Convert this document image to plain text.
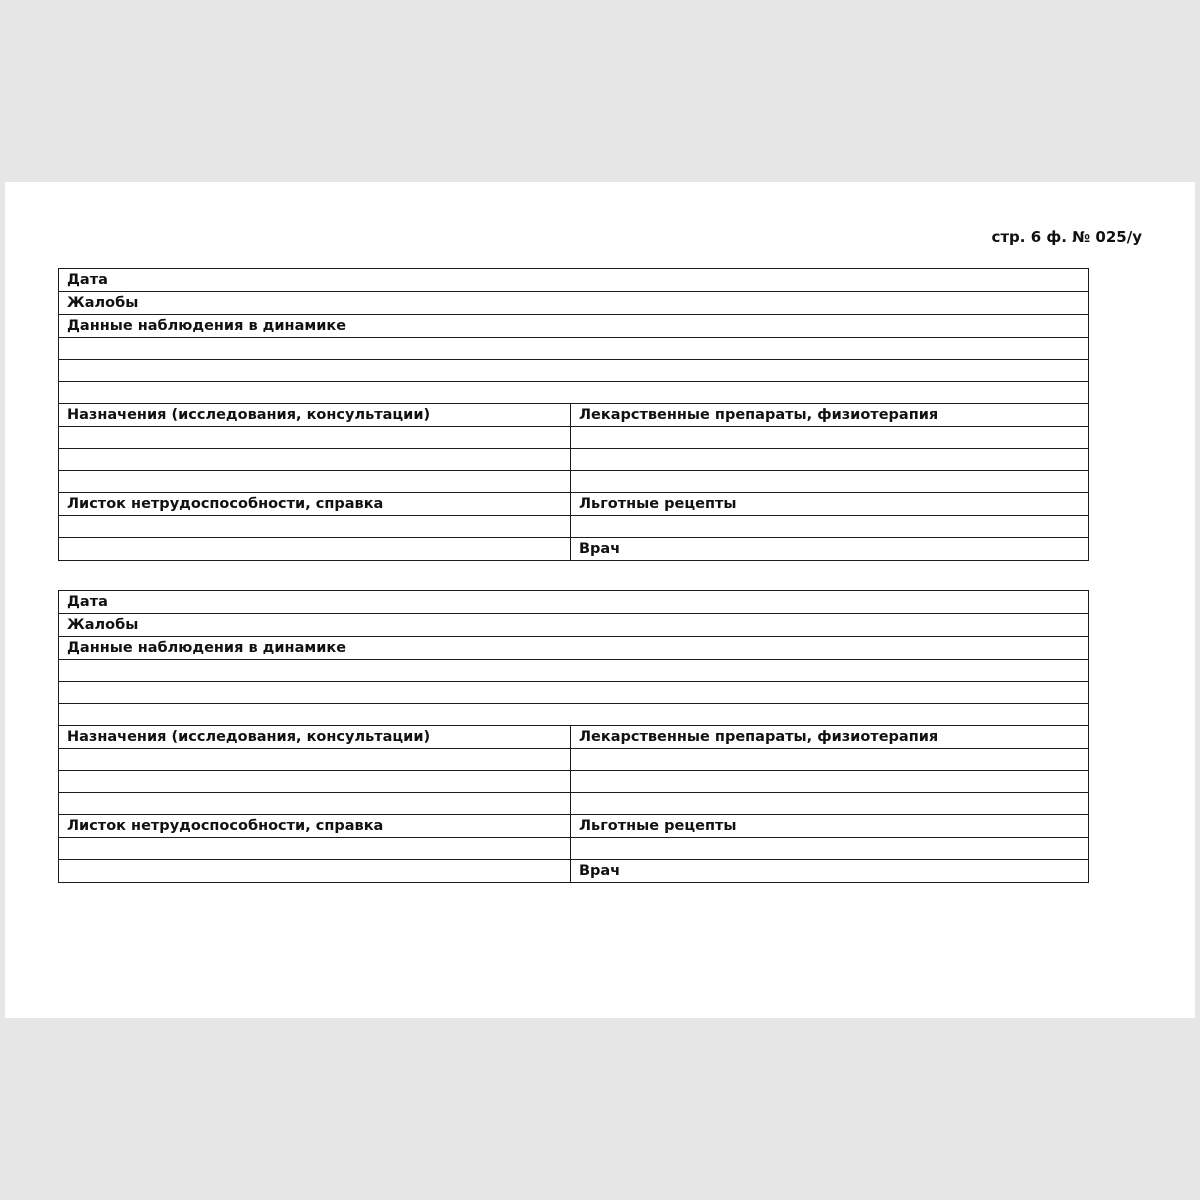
стр. 6 ф. № 025/у
Дата	
Жалобы	
Данные наблюдения в динамике	

Назначения (исследования, консультации)	Лекарственные препараты, физиотерапия

Листок нетрудоспособности, справка	Льготные рецепты

	Врач
Дата	
Жалобы	
Данные наблюдения в динамике	

Назначения (исследования, консультации)	Лекарственные препараты, физиотерапия

Листок нетрудоспособности, справка	Льготные рецепты

	Врач
